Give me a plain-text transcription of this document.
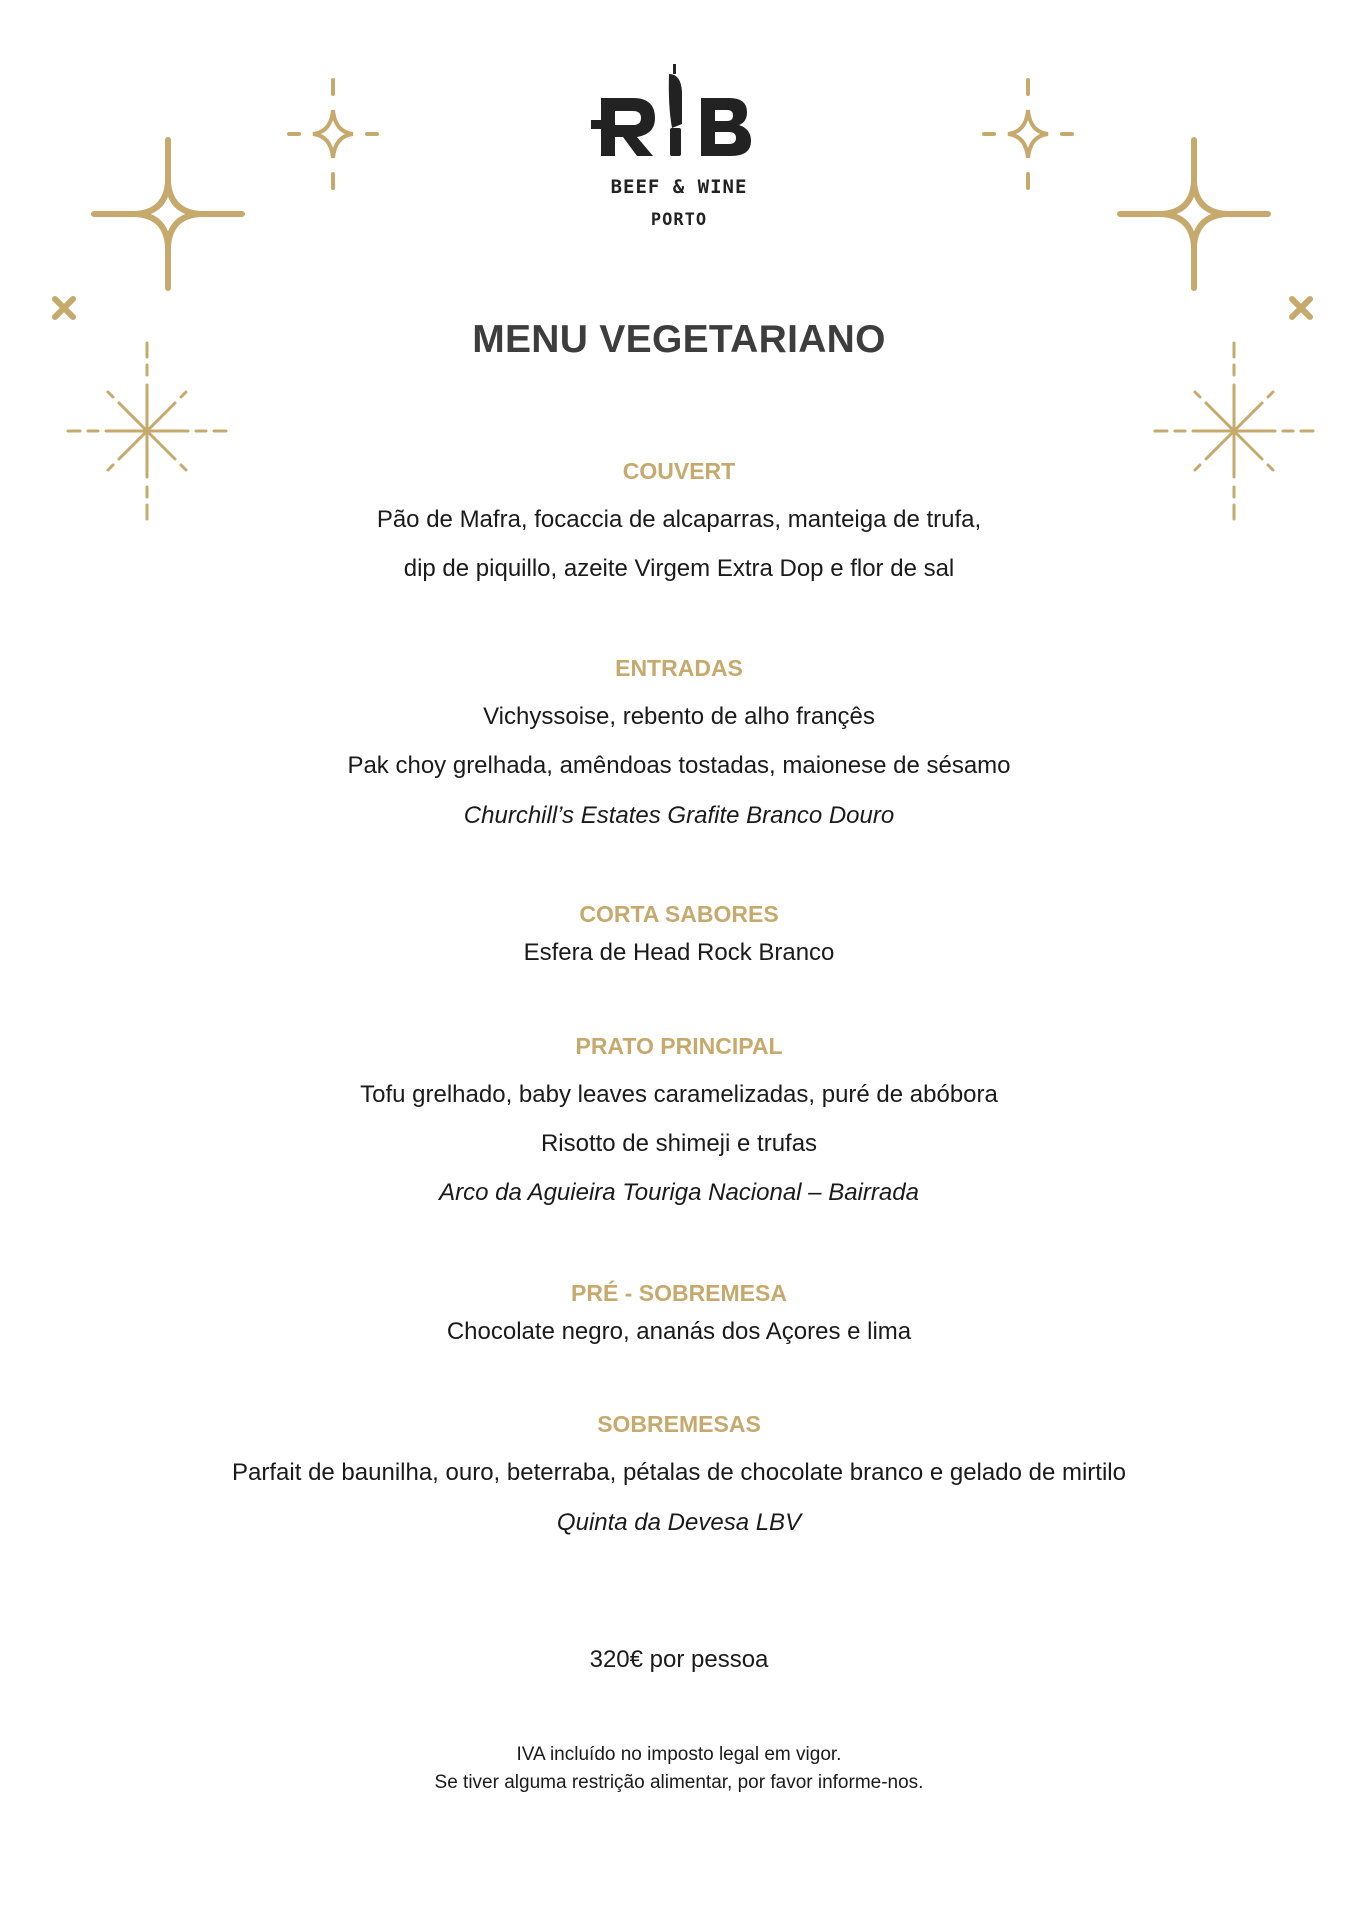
BEEF & WINE
PORTO
MENU VEGETARIANO
COUVERT
Pão de Mafra, focaccia de alcaparras, manteiga de trufa,
dip de piquillo, azeite Virgem Extra Dop e flor de sal
ENTRADAS
Vichyssoise, rebento de alho françês
Pak choy grelhada, amêndoas tostadas, maionese de sésamo
Churchill’s Estates Grafite Branco Douro
CORTA SABORES
Esfera de Head Rock Branco
PRATO PRINCIPAL
Tofu grelhado, baby leaves caramelizadas, puré de abóbora
Risotto de shimeji e trufas
Arco da Aguieira Touriga Nacional – Bairrada
PRÉ - SOBREMESA
Chocolate negro, ananás dos Açores e lima
SOBREMESAS
Parfait de baunilha, ouro, beterraba, pétalas de chocolate branco e gelado de mirtilo
Quinta da Devesa LBV
320€ por pessoa
IVA incluído no imposto legal em vigor.
Se tiver alguma restrição alimentar, por favor informe-nos.
